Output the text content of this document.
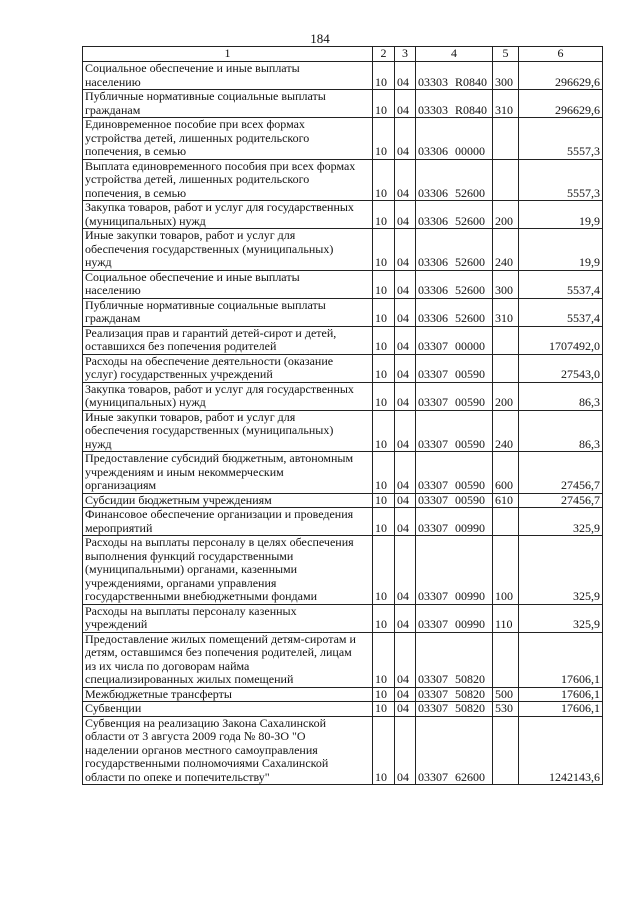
184
1	2	3	4	5	6
Социальное обеспечение и иные выплаты
населению	10	04	03303 R0840	300	296629,6
Публичные нормативные социальные выплаты
гражданам	10	04	03303 R0840	310	296629,6
Единовременное пособие при всех формах
устройства детей, лишенных родительского
попечения, в семью	10	04	03306 00000		5557,3
Выплата единовременного пособия при всех формах
устройства детей, лишенных родительского
попечения, в семью	10	04	03306 52600		5557,3
Закупка товаров, работ и услуг для государственных
(муниципальных) нужд	10	04	03306 52600	200	19,9
Иные закупки товаров, работ и услуг для
обеспечения государственных (муниципальных)
нужд	10	04	03306 52600	240	19,9
Социальное обеспечение и иные выплаты
населению	10	04	03306 52600	300	5537,4
Публичные нормативные социальные выплаты
гражданам	10	04	03306 52600	310	5537,4
Реализация прав и гарантий детей-сирот и детей,
оставшихся без попечения родителей	10	04	03307 00000		1707492,0
Расходы на обеспечение деятельности (оказание
услуг) государственных учреждений	10	04	03307 00590		27543,0
Закупка товаров, работ и услуг для государственных
(муниципальных) нужд	10	04	03307 00590	200	86,3
Иные закупки товаров, работ и услуг для
обеспечения государственных (муниципальных)
нужд	10	04	03307 00590	240	86,3
Предоставление субсидий бюджетным, автономным
учреждениям и иным некоммерческим
организациям	10	04	03307 00590	600	27456,7
Субсидии бюджетным учреждениям	10	04	03307 00590	610	27456,7
Финансовое обеспечение организации и проведения
мероприятий	10	04	03307 00990		325,9
Расходы на выплаты персоналу в целях обеспечения
выполнения функций государственными
(муниципальными) органами, казенными
учреждениями, органами управления
государственными внебюджетными фондами	10	04	03307 00990	100	325,9
Расходы на выплаты персоналу казенных
учреждений	10	04	03307 00990	110	325,9
Предоставление жилых помещений детям-сиротам и
детям, оставшимся без попечения родителей, лицам
из их числа по договорам найма
специализированных жилых помещений	10	04	03307 50820		17606,1
Межбюджетные трансферты	10	04	03307 50820	500	17606,1
Субвенции	10	04	03307 50820	530	17606,1
Субвенция на реализацию Закона Сахалинской
области от 3 августа 2009 года № 80-ЗО "О
наделении органов местного самоуправления
государственными полномочиями Сахалинской
области по опеке и попечительству"	10	04	03307 62600		1242143,6
